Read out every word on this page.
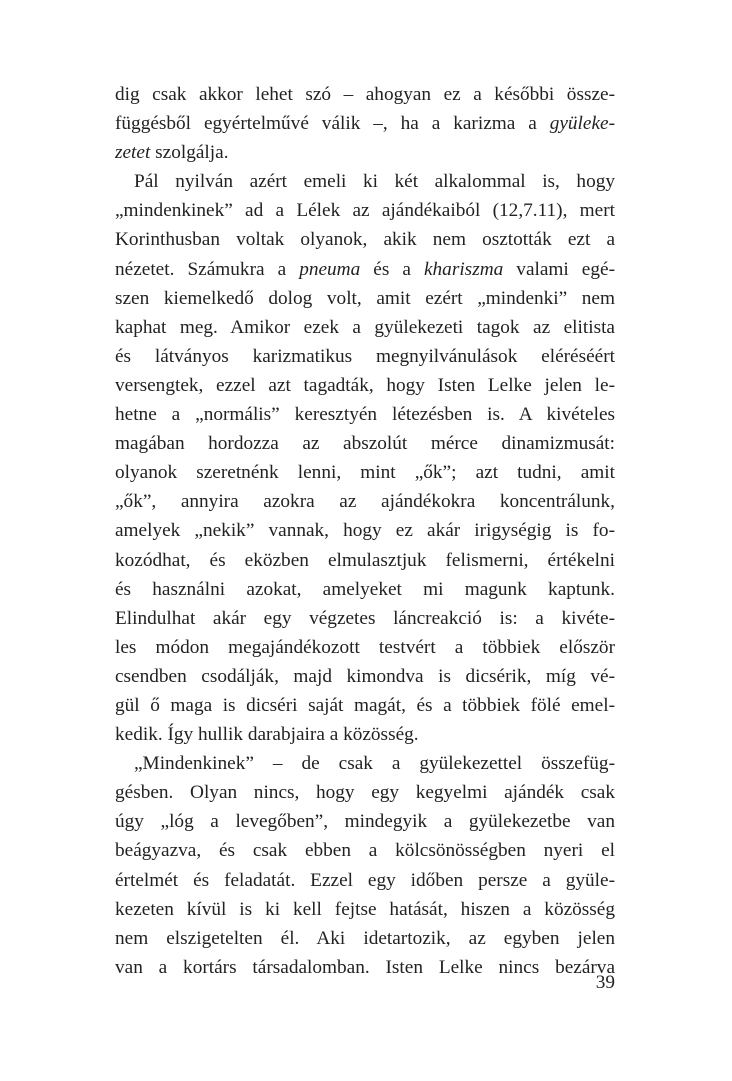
dig csak akkor lehet szó – ahogyan ez a későbbi össze-
függésből egyértelművé válik –, ha a karizma a gyüleke-
zetet szolgálja.
Pál nyilván azért emeli ki két alkalommal is, hogy
„mindenkinek” ad a Lélek az ajándékaiból (12,7.11), mert
Korinthusban voltak olyanok, akik nem osztották ezt a
nézetet. Számukra a pneuma és a khariszma valami egé-
szen kiemelkedő dolog volt, amit ezért „mindenki” nem
kaphat meg. Amikor ezek a gyülekezeti tagok az elitista
és látványos karizmatikus megnyilvánulások eléréséért
versengtek, ezzel azt tagadták, hogy Isten Lelke jelen le-
hetne a „normális” keresztyén létezésben is. A kivételes
magában hordozza az abszolút mérce dinamizmusát:
olyanok szeretnénk lenni, mint „ők”; azt tudni, amit
„ők”, annyira azokra az ajándékokra koncentrálunk,
amelyek „nekik” vannak, hogy ez akár irigységig is fo-
kozódhat, és eközben elmulasztjuk felismerni, értékelni
és használni azokat, amelyeket mi magunk kaptunk.
Elindulhat akár egy végzetes láncreakció is: a kivéte-
les módon megajándékozott testvért a többiek először
csendben csodálják, majd kimondva is dicsérik, míg vé-
gül ő maga is dicséri saját magát, és a többiek fölé emel-
kedik. Így hullik darabjaira a közösség.
„Mindenkinek” – de csak a gyülekezettel összefüg-
gésben. Olyan nincs, hogy egy kegyelmi ajándék csak
úgy „lóg a levegőben”, mindegyik a gyülekezetbe van
beágyazva, és csak ebben a kölcsönösségben nyeri el
értelmét és feladatát. Ezzel egy időben persze a gyüle-
kezeten kívül is ki kell fejtse hatását, hiszen a közösség
nem elszigetelten él. Aki idetartozik, az egyben jelen
van a kortárs társadalomban. Isten Lelke nincs bezárva
39
